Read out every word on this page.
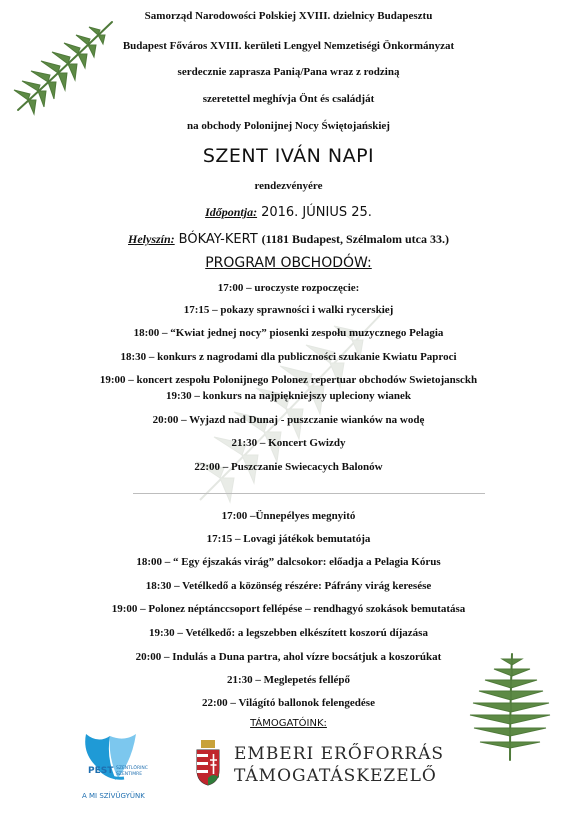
Samorząd Narodowości Polskiej XVIII. dzielnicy Budapesztu
Budapest Főváros XVIII. kerületi Lengyel Nemzetiségi Önkormányzat
serdecznie zaprasza Panią/Pana wraz z rodziną
szeretettel meghívja Önt és családját
na obchody Polonijnej Nocy Świętojańskiej
SZENT IVÁN NAPI
rendezvényére
Időpontja: 2016. JÚNIUS 25.
Helyszín: BÓKAY-KERT (1181 Budapest, Szélmalom utca 33.)
PROGRAM OBCHODÓW:
17:00 – uroczyste rozpoczęcie:
17:15 – pokazy sprawności i walki rycerskiej
18:00 – “Kwiat jednej nocy” piosenki zespołu muzycznego Pelagia
18:30 – konkurs z nagrodami dla publiczności szukanie Kwiatu Paproci
19:00 – koncert zespołu Polonijnego Polonez repertuar obchodów Swietojansckh
19:30 – konkurs na najpiękniejszy upleciony wianek
20:00 – Wyjazd nad Dunaj - puszczanie wianków na wodę
21:30 – Koncert Gwizdy
22:00 – Puszczanie Swiecacych Balonów
17:00 –Ünnepélyes megnyitó
17:15 – Lovagi játékok bemutatója
18:00 – “ Egy éjszakás virág” dalcsokor: előadja a Pelagia Kórus
18:30 – Vetélkedő a közönség részére: Páfrány virág keresése
19:00 – Polonez néptánccsoport fellépése – rendhagyó szokások bemutatása
19:30 – Vetélkedő: a legszebben elkészített koszorú díjazása
20:00 – Indulás a Duna partra, ahol vízre bocsátjuk a koszorúkat
21:30 – Meglepetés fellépő
22:00 – Világító ballonok felengedése
TÁMOGATÓINK:
PEST SZENTLŐRINC
SZENTIMRE
A MI SZÍVÜGYÜNK
EMBERI ERŐFORRÁS
TÁMOGATÁSKEZELŐ
